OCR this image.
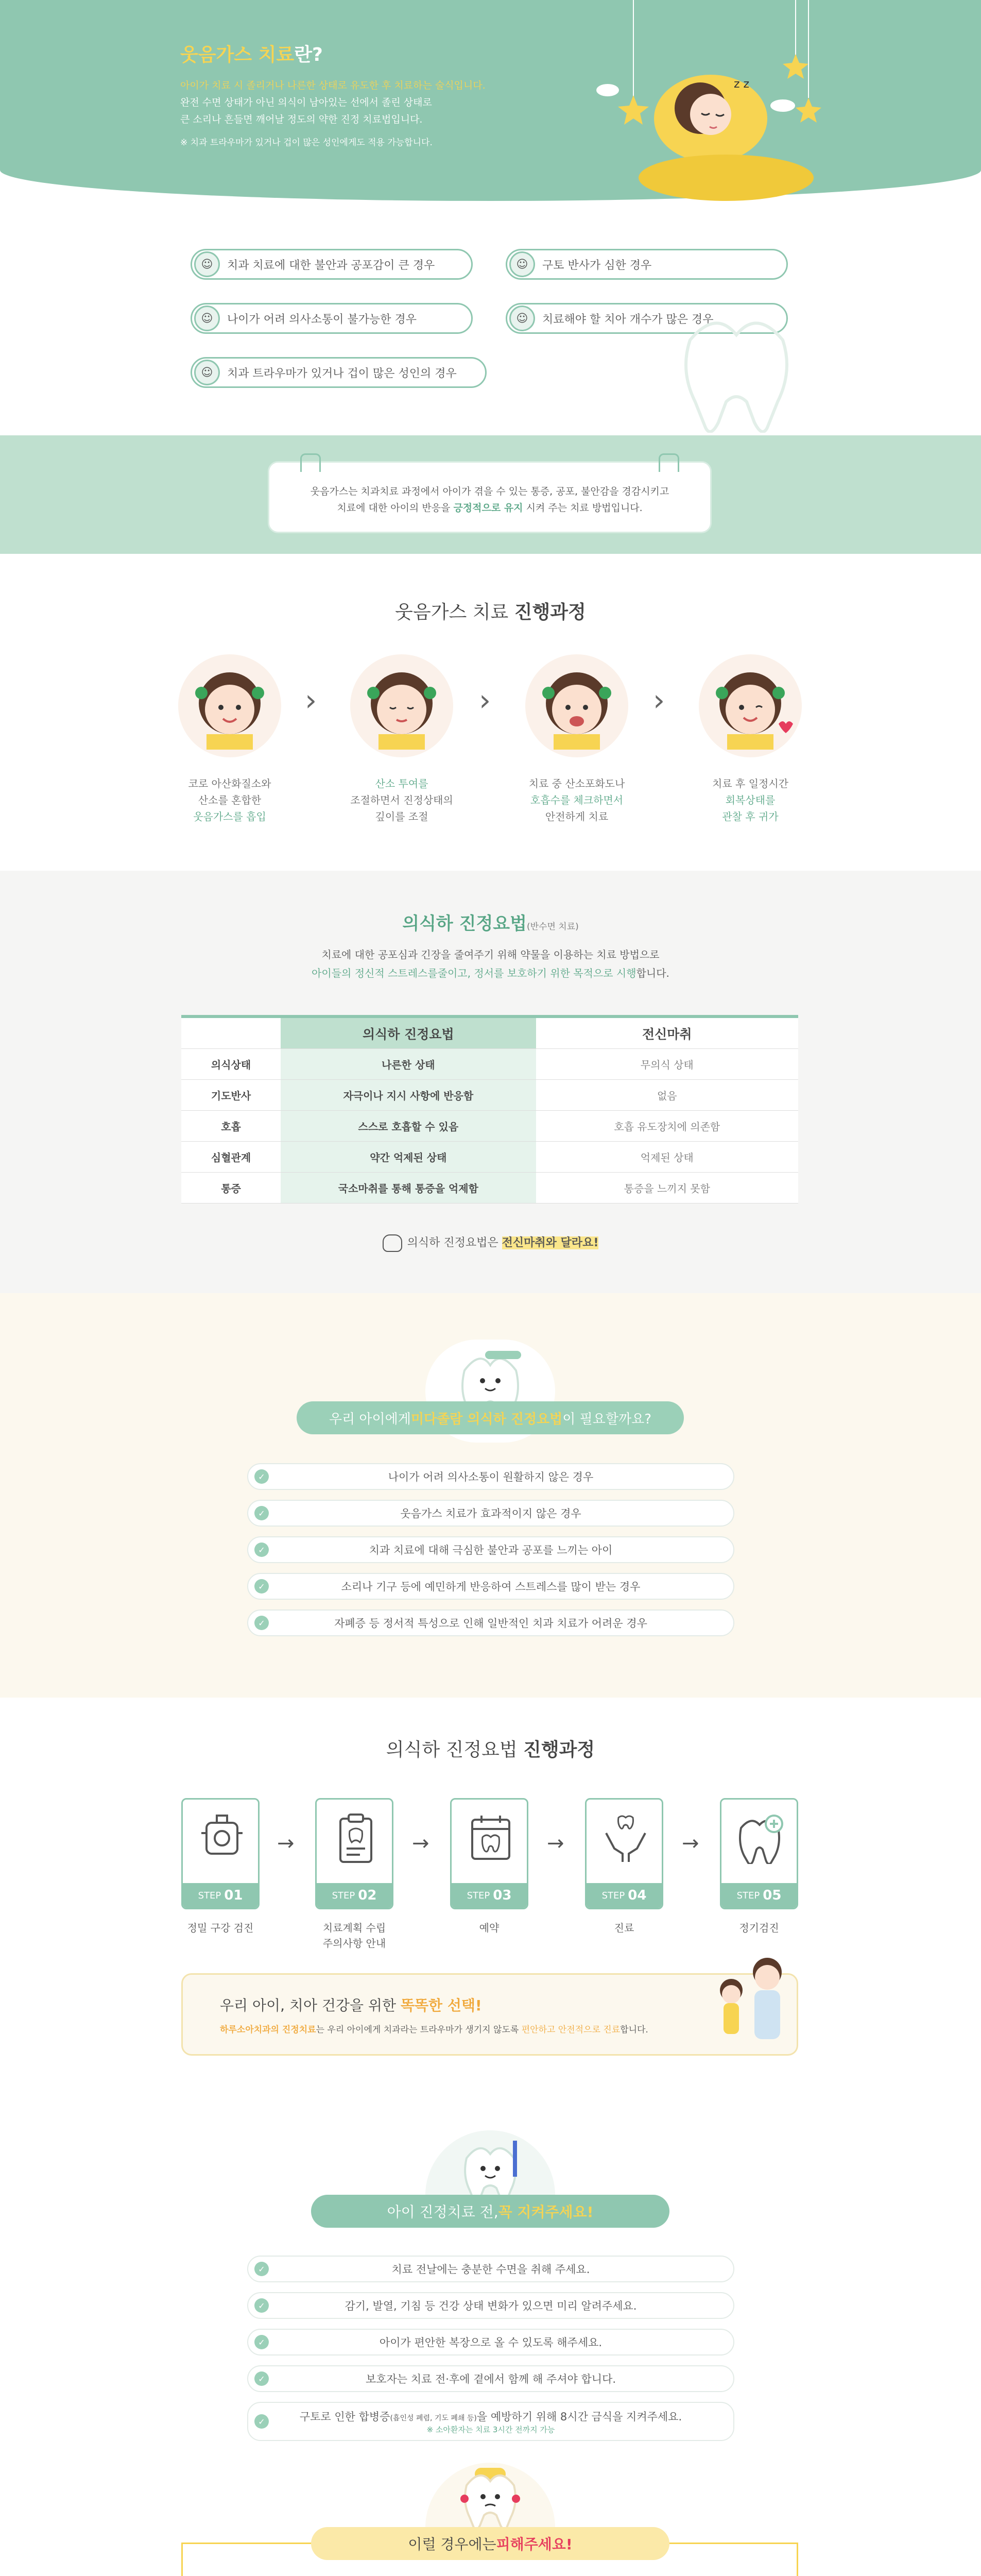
웃음가스 치료란?
아이가 치료 시 졸리거나 나른한 상태로 유도한 후 치료하는 술식입니다.
완전 수면 상태가 아닌 의식이 남아있는 선에서 졸린 상태로
큰 소리나 흔들면 깨어날 정도의 약한 진정 치료법입니다.
※ 치과 트라우마가 있거나 겁이 많은 성인에게도 적용 가능합니다.
z z
☺	치과 치료에 대한 불안과 공포감이 큰 경우	☺	구토 반사가 심한 경우
☺	나이가 어려 의사소통이 불가능한 경우	☺	치료해야 할 치아 개수가 많은 경우
☺	치과 트라우마가 있거나 겁이 많은 성인의 경우
웃음가스는 치과치료 과정에서 아이가 겪을 수 있는 통증, 공포, 불안감을 경감시키고
치료에 대한 아이의 반응을 긍정적으로 유지 시켜 주는 치료 방법입니다.
웃음가스 치료 진행과정
›	›	›
코로 아산화질소와
산소를 혼합한
웃음가스를 흡입
산소 투여를
조절하면서 진정상태의
깊이를 조절
치료 중 산소포화도나
호흡수를 체크하면서
안전하게 치료
치료 후 일정시간
회복상태를
관찰 후 귀가
의식하 진정요법(반수면 치료)
치료에 대한 공포심과 긴장을 줄여주기 위해 약물을 이용하는 치료 방법으로
아이들의 정신적 스트레스를줄이고, 정서를 보호하기 위한 목적으로 시행합니다.
	의식하 진정요법	전신마취
의식상태	나른한 상태	무의식 상태
기도반사	자극이나 지시 사항에 반응함	없음
호흡	스스로 호흡할 수 있음	호흡 유도장치에 의존함
심혈관계	약간 억제된 상태	억제된 상태
통증	국소마취를 통해 통증을 억제함	통증을 느끼지 못함
의식하 진정요법은 전신마취와 달라요!
우리 아이에게 미다졸람 의식하 진정요법 이 필요할까요?
✓	나이가 어려 의사소통이 원활하지 않은 경우
✓	웃음가스 치료가 효과적이지 않은 경우
✓	치과 치료에 대해 극심한 불안과 공포를 느끼는 아이
✓	소리나 기구 등에 예민하게 반응하여 스트레스를 많이 받는 경우
✓	자폐증 등 정서적 특성으로 인해 일반적인 치과 치료가 어려운 경우
의식하 진정요법 진행과정
STEP 01
→
STEP 02
→
STEP 03
→
STEP 04
→
STEP 05
정밀 구강 검진	치료계획 수립
주의사항 안내
예약	진료	정기검진
우리 아이, 치아 건강을 위한 똑똑한 선택!
하루소아치과의 진정치료는 우리 아이에게 치과라는 트라우마가 생기지 않도록 편안하고 안전적으로 진료합니다.
아이 진정치료 전, 꼭 지켜주세요!
✓	치료 전날에는 충분한 수면을 취해 주세요.
✓	감기, 발열, 기침 등 건강 상태 변화가 있으면 미리 알려주세요.
✓	아이가 편안한 복장으로 올 수 있도록 해주세요.
✓	보호자는 치료 전·후에 곁에서 함께 해 주셔야 합니다.
✓	구토로 인한 합병증(흡인성 폐렴, 기도 폐쇄 등)을 예방하기 위해 8시간 금식을 지켜주세요.
※ 소아환자는 치료 3시간 전까지 가능
이럴 경우에는 피해주세요!
